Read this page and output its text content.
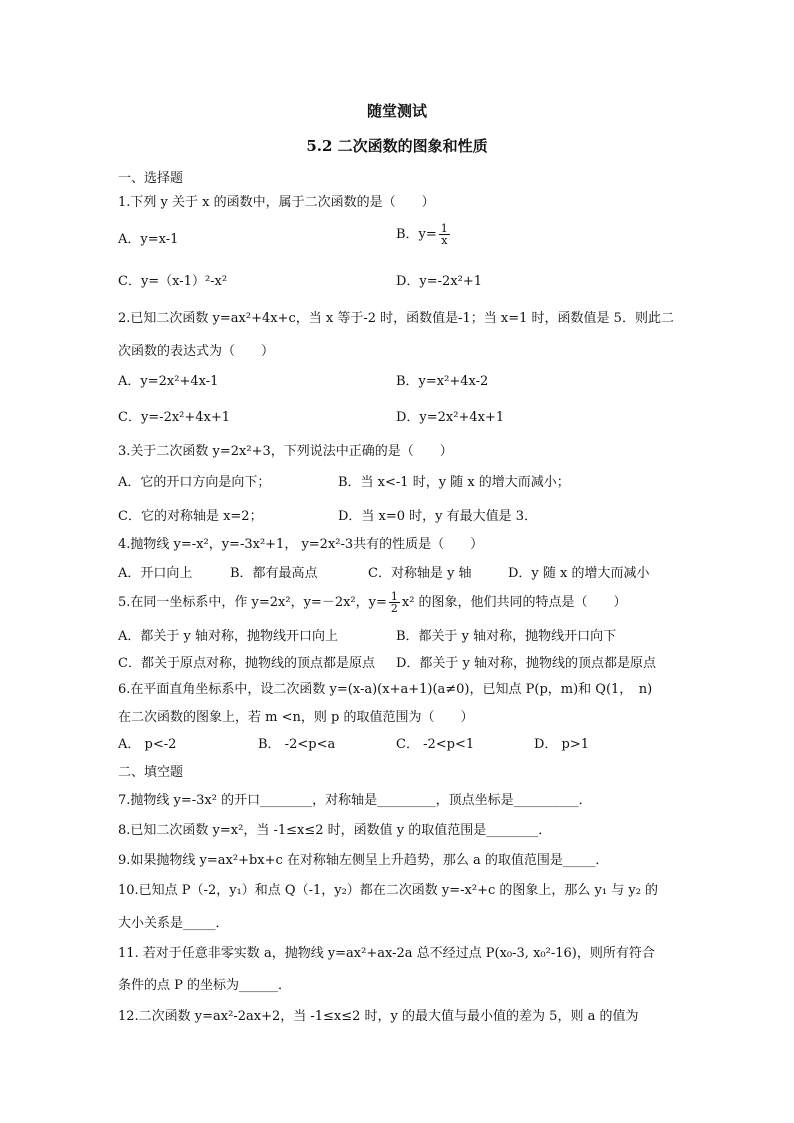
随堂测试
5.2 二次函数的图象和性质
一、选择题
1.下列 y 关于 x 的函数中，属于二次函数的是（　　）
A．y=x-1	B．$y= \frac{1}{x}$
C．y=（x-1）²-x²	D．y=-2x²+1
2.已知二次函数 y=ax²+4x+c，当 x 等于-2 时，函数值是-1；当 x=1 时，函数值是 5．则此二
次函数的表达式为（　　）
A．y=2x²+4x-1	B．y=x²+4x-2
C．y=-2x²+4x+1	D．y=2x²+4x+1
3.关于二次函数 y=2x²+3，下列说法中正确的是（　　）
A．它的开口方向是向下；	B．当 x<-1 时，y 随 x 的增大而减小；
C．它的对称轴是 x=2；	D．当 x=0 时，y 有最大值是 3．
4.抛物线 y=-x²，y=-3x²+1， y=2x²-3共有的性质是（　　）
A．开口向上	B．都有最高点	C．对称轴是 y 轴	D．y 随 x 的增大而减小
5.在同一坐标系中，作 y=2x²，y=－2x²，$y= \frac{1}{2} x^2$ 的图象，他们共同的特点是（　　）
A．都关于 y 轴对称，抛物线开口向上	B．都关于 y 轴对称，抛物线开口向下
C．都关于原点对称，抛物线的顶点都是原点 D．都关于 y 轴对称，抛物线的顶点都是原点
6.在平面直角坐标系中，设二次函数 y=(x-a)(x+a+1)(a≠0)，已知点 P(p，m)和 Q(1，　n)
在二次函数的图象上，若 m <n，则 p 的取值范围为（　　）
A． p<-2	B． -2<p<a	C． -2<p<1	D． p>1
二、填空题
7.抛物线 y=-3x² 的开口________，对称轴是_________，顶点坐标是__________．
8.已知二次函数 y=x²，当 -1≤x≤2 时，函数值 y 的取值范围是________．
9.如果抛物线 y=ax²+bx+c 在对称轴左侧呈上升趋势，那么 a 的取值范围是_____．
10.已知点 P（-2，y₁）和点 Q（-1，y₂）都在二次函数 y=-x²+c 的图象上，那么 y₁ 与 y₂ 的
大小关系是_____．
11. 若对于任意非零实数 a，抛物线 y=ax²+ax-2a 总不经过点 P(x₀-3, x₀²-16)，则所有符合
条件的点 P 的坐标为______．
12.二次函数 y=ax²-2ax+2，当 -1≤x≤2 时，y 的最大值与最小值的差为 5，则 a 的值为
